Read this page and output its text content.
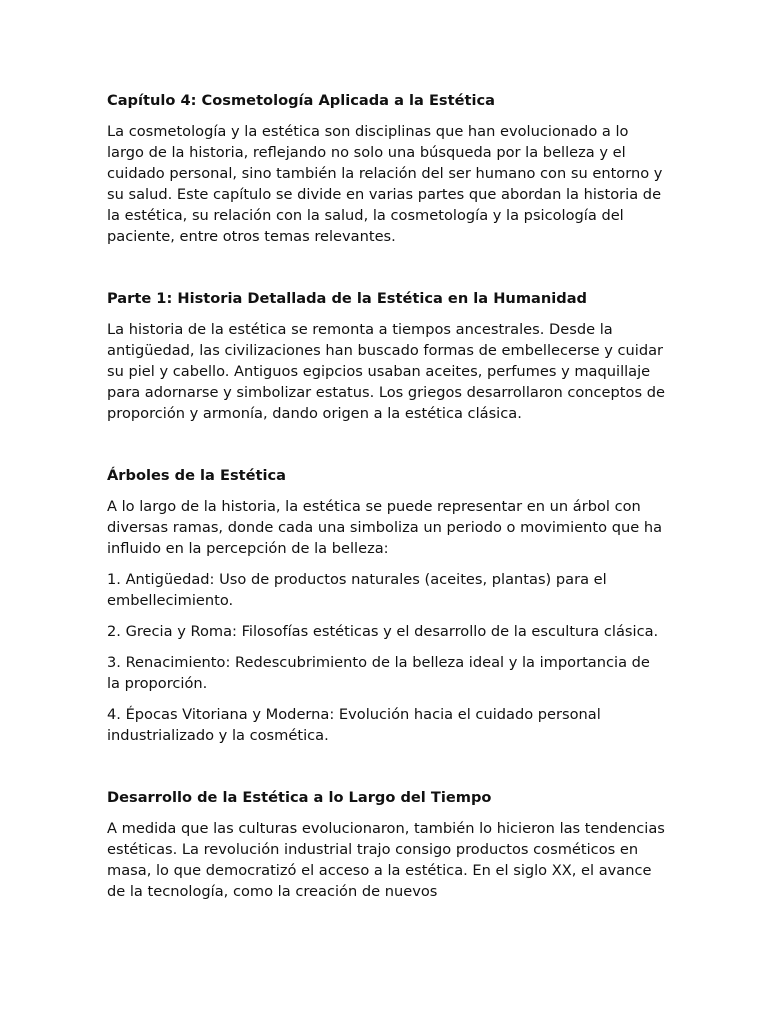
Capítulo 4: Cosmetología Aplicada a la Estética

La cosmetología y la estética son disciplinas que han evolucionado a lo largo de la historia, reflejando no solo una búsqueda por la belleza y el cuidado personal, sino también la relación del ser humano con su entorno y su salud. Este capítulo se divide en varias partes que abordan la historia de la estética, su relación con la salud, la cosmetología y la psicología del paciente, entre otros temas relevantes.

Parte 1: Historia Detallada de la Estética en la Humanidad

La historia de la estética se remonta a tiempos ancestrales. Desde la antigüedad, las civilizaciones han buscado formas de embellecerse y cuidar su piel y cabello. Antiguos egipcios usaban aceites, perfumes y maquillaje para adornarse y simbolizar estatus. Los griegos desarrollaron conceptos de proporción y armonía, dando origen a la estética clásica.

Árboles de la Estética

A lo largo de la historia, la estética se puede representar en un árbol con diversas ramas, donde cada una simboliza un periodo o movimiento que ha influido en la percepción de la belleza:

1. Antigüedad: Uso de productos naturales (aceites, plantas) para el embellecimiento.

2. Grecia y Roma: Filosofías estéticas y el desarrollo de la escultura clásica.

3. Renacimiento: Redescubrimiento de la belleza ideal y la importancia de la proporción.

4. Épocas Vitoriana y Moderna: Evolución hacia el cuidado personal industrializado y la cosmética.

Desarrollo de la Estética a lo Largo del Tiempo

A medida que las culturas evolucionaron, también lo hicieron las tendencias estéticas. La revolución industrial trajo consigo productos cosméticos en masa, lo que democratizó el acceso a la estética. En el siglo XX, el avance de la tecnología, como la creación de nuevos
